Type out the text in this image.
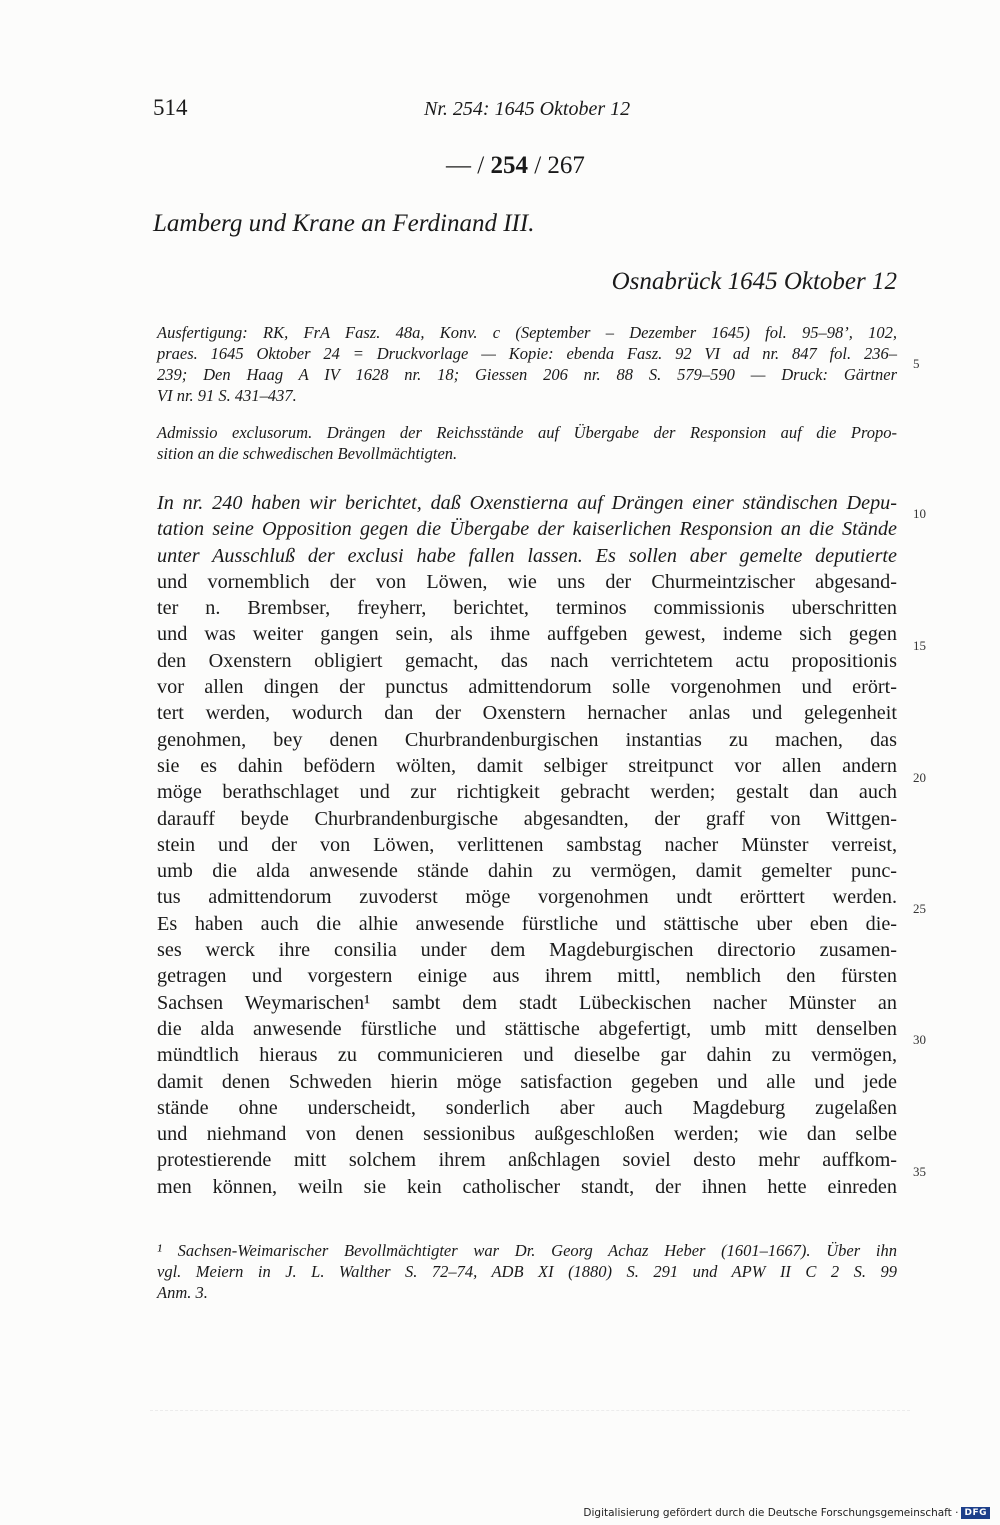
514	Nr. 254: 1645 Oktober 12
— / 254 / 267
Lamberg und Krane an Ferdinand III.
Osnabrück 1645 Oktober 12
Ausfertigung: RK, FrA Fasz. 48a, Konv. c (September – Dezember 1645) fol. 95–98’, 102,
praes. 1645 Oktober 24 = Druckvorlage — Kopie: ebenda Fasz. 92 VI ad nr. 847 fol. 236–
239; Den Haag A IV 1628 nr. 18; Giessen 206 nr. 88 S. 579–590 — Druck: Gärtner
VI nr. 91 S. 431–437.
Admissio exclusorum. Drängen der Reichsstände auf Übergabe der Responsion auf die Propo-
sition an die schwedischen Bevollmächtigten.
In nr. 240 haben wir berichtet, daß Oxenstierna auf Drängen einer ständischen Depu-
tation seine Opposition gegen die Übergabe der kaiserlichen Responsion an die Stände
unter Ausschluß der exclusi habe fallen lassen. Es sollen aber gemelte deputierte
und vornemblich der von Löwen, wie uns der Churmeintzischer abgesand-
ter n. Brembser, freyherr, berichtet, terminos commissionis uberschritten
und was weiter gangen sein, als ihme auffgeben gewest, indeme sich gegen
den Oxenstern obligiert gemacht, das nach verrichtetem actu propositionis
vor allen dingen der punctus admittendorum solle vorgenohmen und erört-
tert werden, wodurch dan der Oxenstern hernacher anlas und gelegenheit
genohmen, bey denen Churbrandenburgischen instantias zu machen, das
sie es dahin befödern wölten, damit selbiger streitpunct vor allen andern
möge berathschlaget und zur richtigkeit gebracht werden; gestalt dan auch
darauff beyde Churbrandenburgische abgesandten, der graff von Wittgen-
stein und der von Löwen, verlittenen sambstag nacher Münster verreist,
umb die alda anwesende stände dahin zu vermögen, damit gemelter punc-
tus admittendorum zuvoderst möge vorgenohmen undt erörttert werden.
Es haben auch die alhie anwesende fürstliche und stättische uber eben die-
ses werck ihre consilia under dem Magdeburgischen directorio zusamen-
getragen und vorgestern einige aus ihrem mittl, nemblich den fürsten
Sachsen Weymarischen¹ sambt dem stadt Lübeckischen nacher Münster an
die alda anwesende fürstliche und stättische abgefertigt, umb mitt denselben
mündtlich hieraus zu communicieren und dieselbe gar dahin zu vermögen,
damit denen Schweden hierin möge satisfaction gegeben und alle und jede
stände ohne underscheidt, sonderlich aber auch Magdeburg zugelaßen
und niehmand von denen sessionibus außgeschloßen werden; wie dan selbe
protestierende mitt solchem ihrem anßchlagen soviel desto mehr auffkom-
men können, weiln sie kein catholischer standt, der ihnen hette einreden
5
10
15
20
25
30
35
¹ Sachsen-Weimarischer Bevollmächtigter war Dr. Georg Achaz Heber (1601–1667). Über ihn
vgl. Meiern in J. L. Walther S. 72–74, ADB XI (1880) S. 291 und APW II C 2 S. 99
Anm. 3.
Digitalisierung gefördert durch die Deutsche Forschungsgemeinschaft · DFG
